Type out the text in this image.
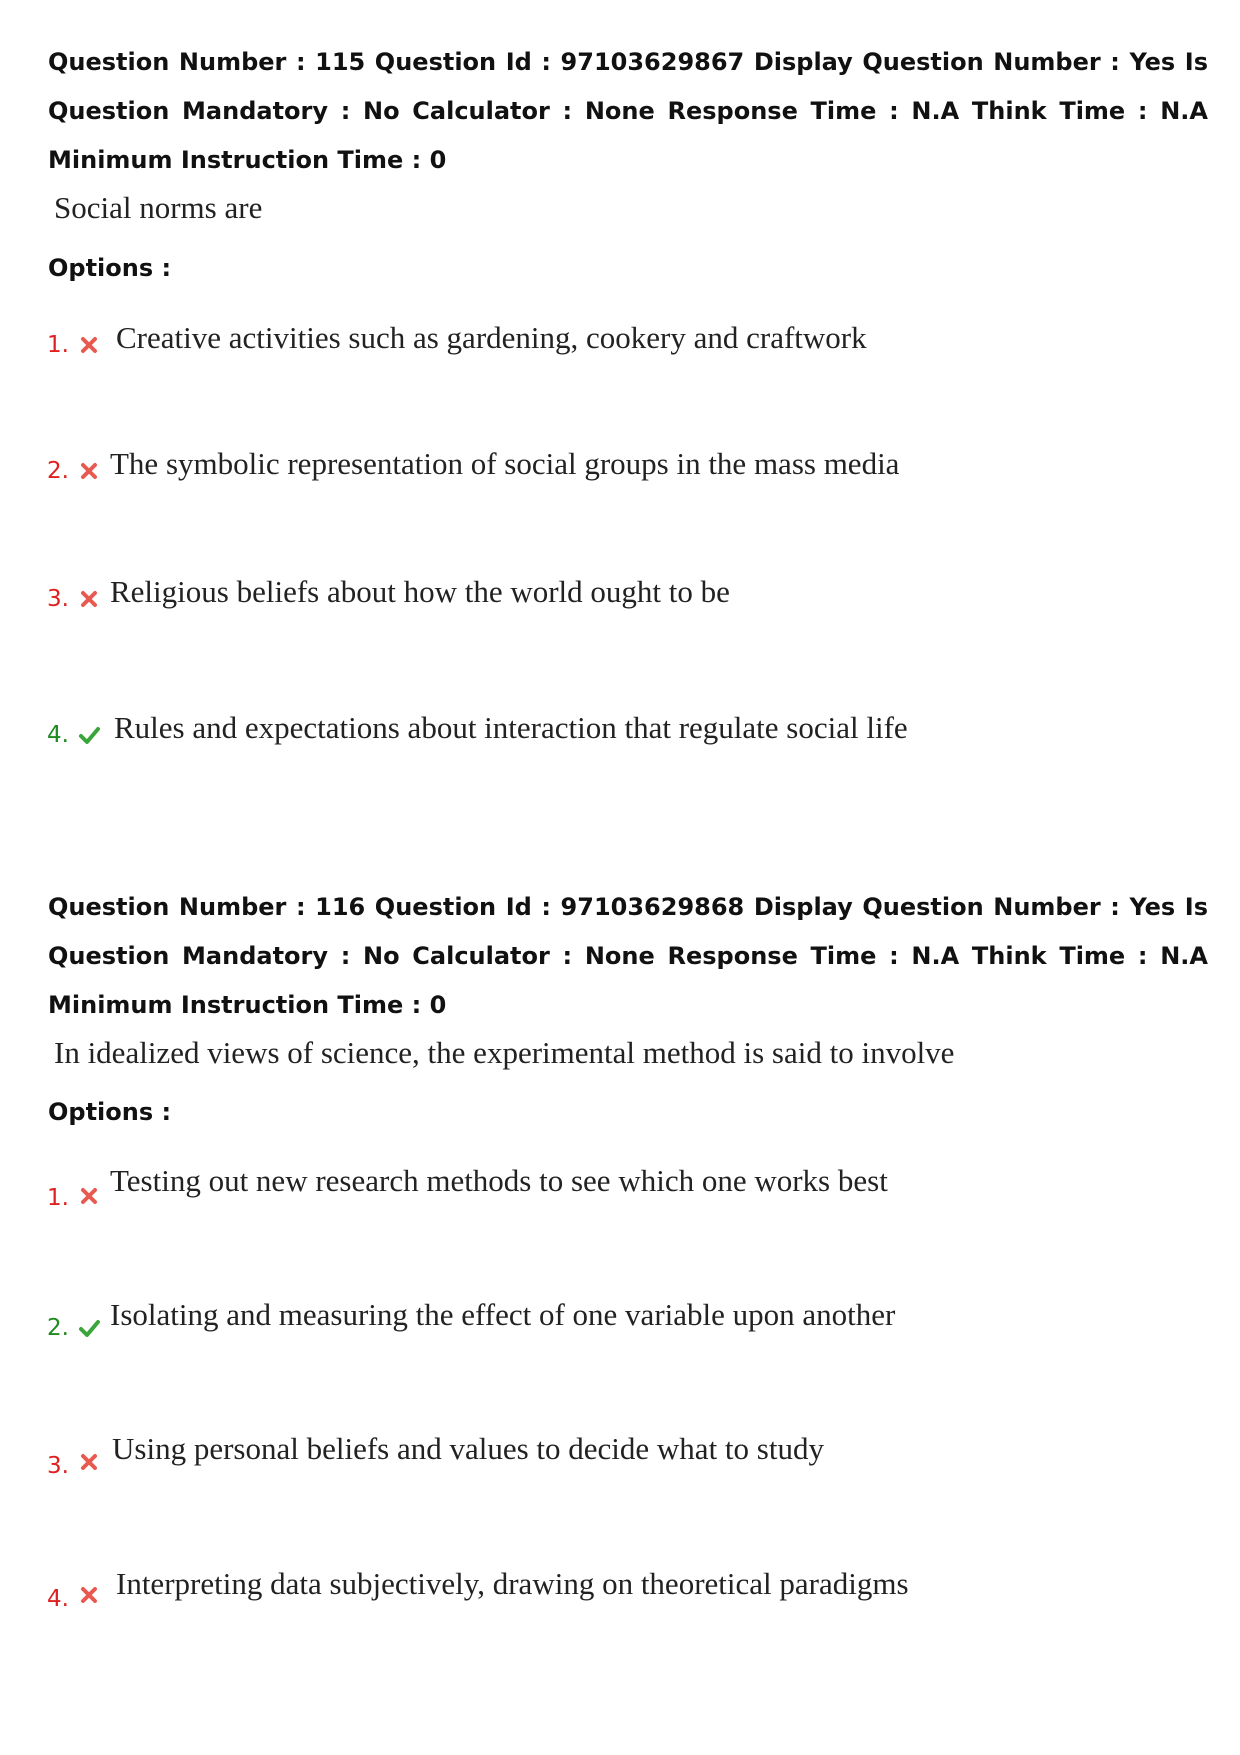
Question Number : 115 Question Id : 97103629867 Display Question Number : Yes Is Question Mandatory : No Calculator : None Response Time : N.A Think Time : N.A Minimum Instruction Time : 0
Social norms are
Options :
1. Creative activities such as gardening, cookery and craftwork
2. The symbolic representation of social groups in the mass media
3. Religious beliefs about how the world ought to be
4. Rules and expectations about interaction that regulate social life
Question Number : 116 Question Id : 97103629868 Display Question Number : Yes Is Question Mandatory : No Calculator : None Response Time : N.A Think Time : N.A Minimum Instruction Time : 0
In idealized views of science, the experimental method is said to involve
Options :
1. Testing out new research methods to see which one works best
2. Isolating and measuring the effect of one variable upon another
3. Using personal beliefs and values to decide what to study
4. Interpreting data subjectively, drawing on theoretical paradigms
